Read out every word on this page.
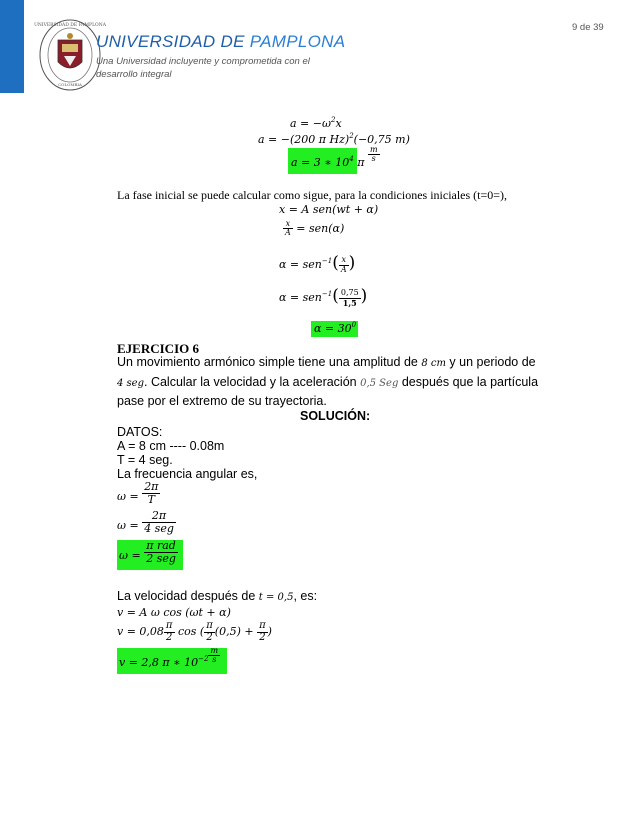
9 de 39
UNIVERSIDAD DE PAMPLONA
COLOMBIA
UNIVERSIDAD DE PAMPLONA
Una Universidad incluyente y comprometida con el
desarrollo integral
$a = -\omega^2x$
a = −(200 π Hz)$^2$(−0,75 m)
a = 3 ∗ $10^4$ π $\frac{m}{s}$
La fase inicial se puede calcular como sigue, para la condiciones iniciales (t=0=),
x = A sen(wt + α)
$\frac{x}{A} = sen(\alpha)$
$\alpha = sen^{-1}( \frac{x}{A}$ )
$\alpha = sen^{-1}( \frac{0,75}{1,5}$ )
$\alpha = 30^0$
EJERCICIO 6
Un movimiento armónico simple tiene una amplitud de 8 cm y un periodo de
4 seg. Calcular la velocidad y la aceleración 0,5 Seg después que la partícula
pase por el extremo de su trayectoria.
SOLUCIÓN:
DATOS:
A = 8 cm ---- 0.08m
T = 4 seg.
La frecuencia angular es,
$\omega = \frac{2\pi}{T}$
$\omega = \frac{2\pi}{\text{4 seg}}$
$\omega = \frac{\text{π rad}}{\text{2 seg}}$
La velocidad después de t = 0,5, es:
v = A ω cos (ωt + α)
$v = 0,08 \frac{\pi}{2}$ cos ( $\frac{\pi}{2} (0,5) + \frac{\pi}{2}$ )
v = 2,8 π ∗ $10^{-2} \frac{m}{s}$
